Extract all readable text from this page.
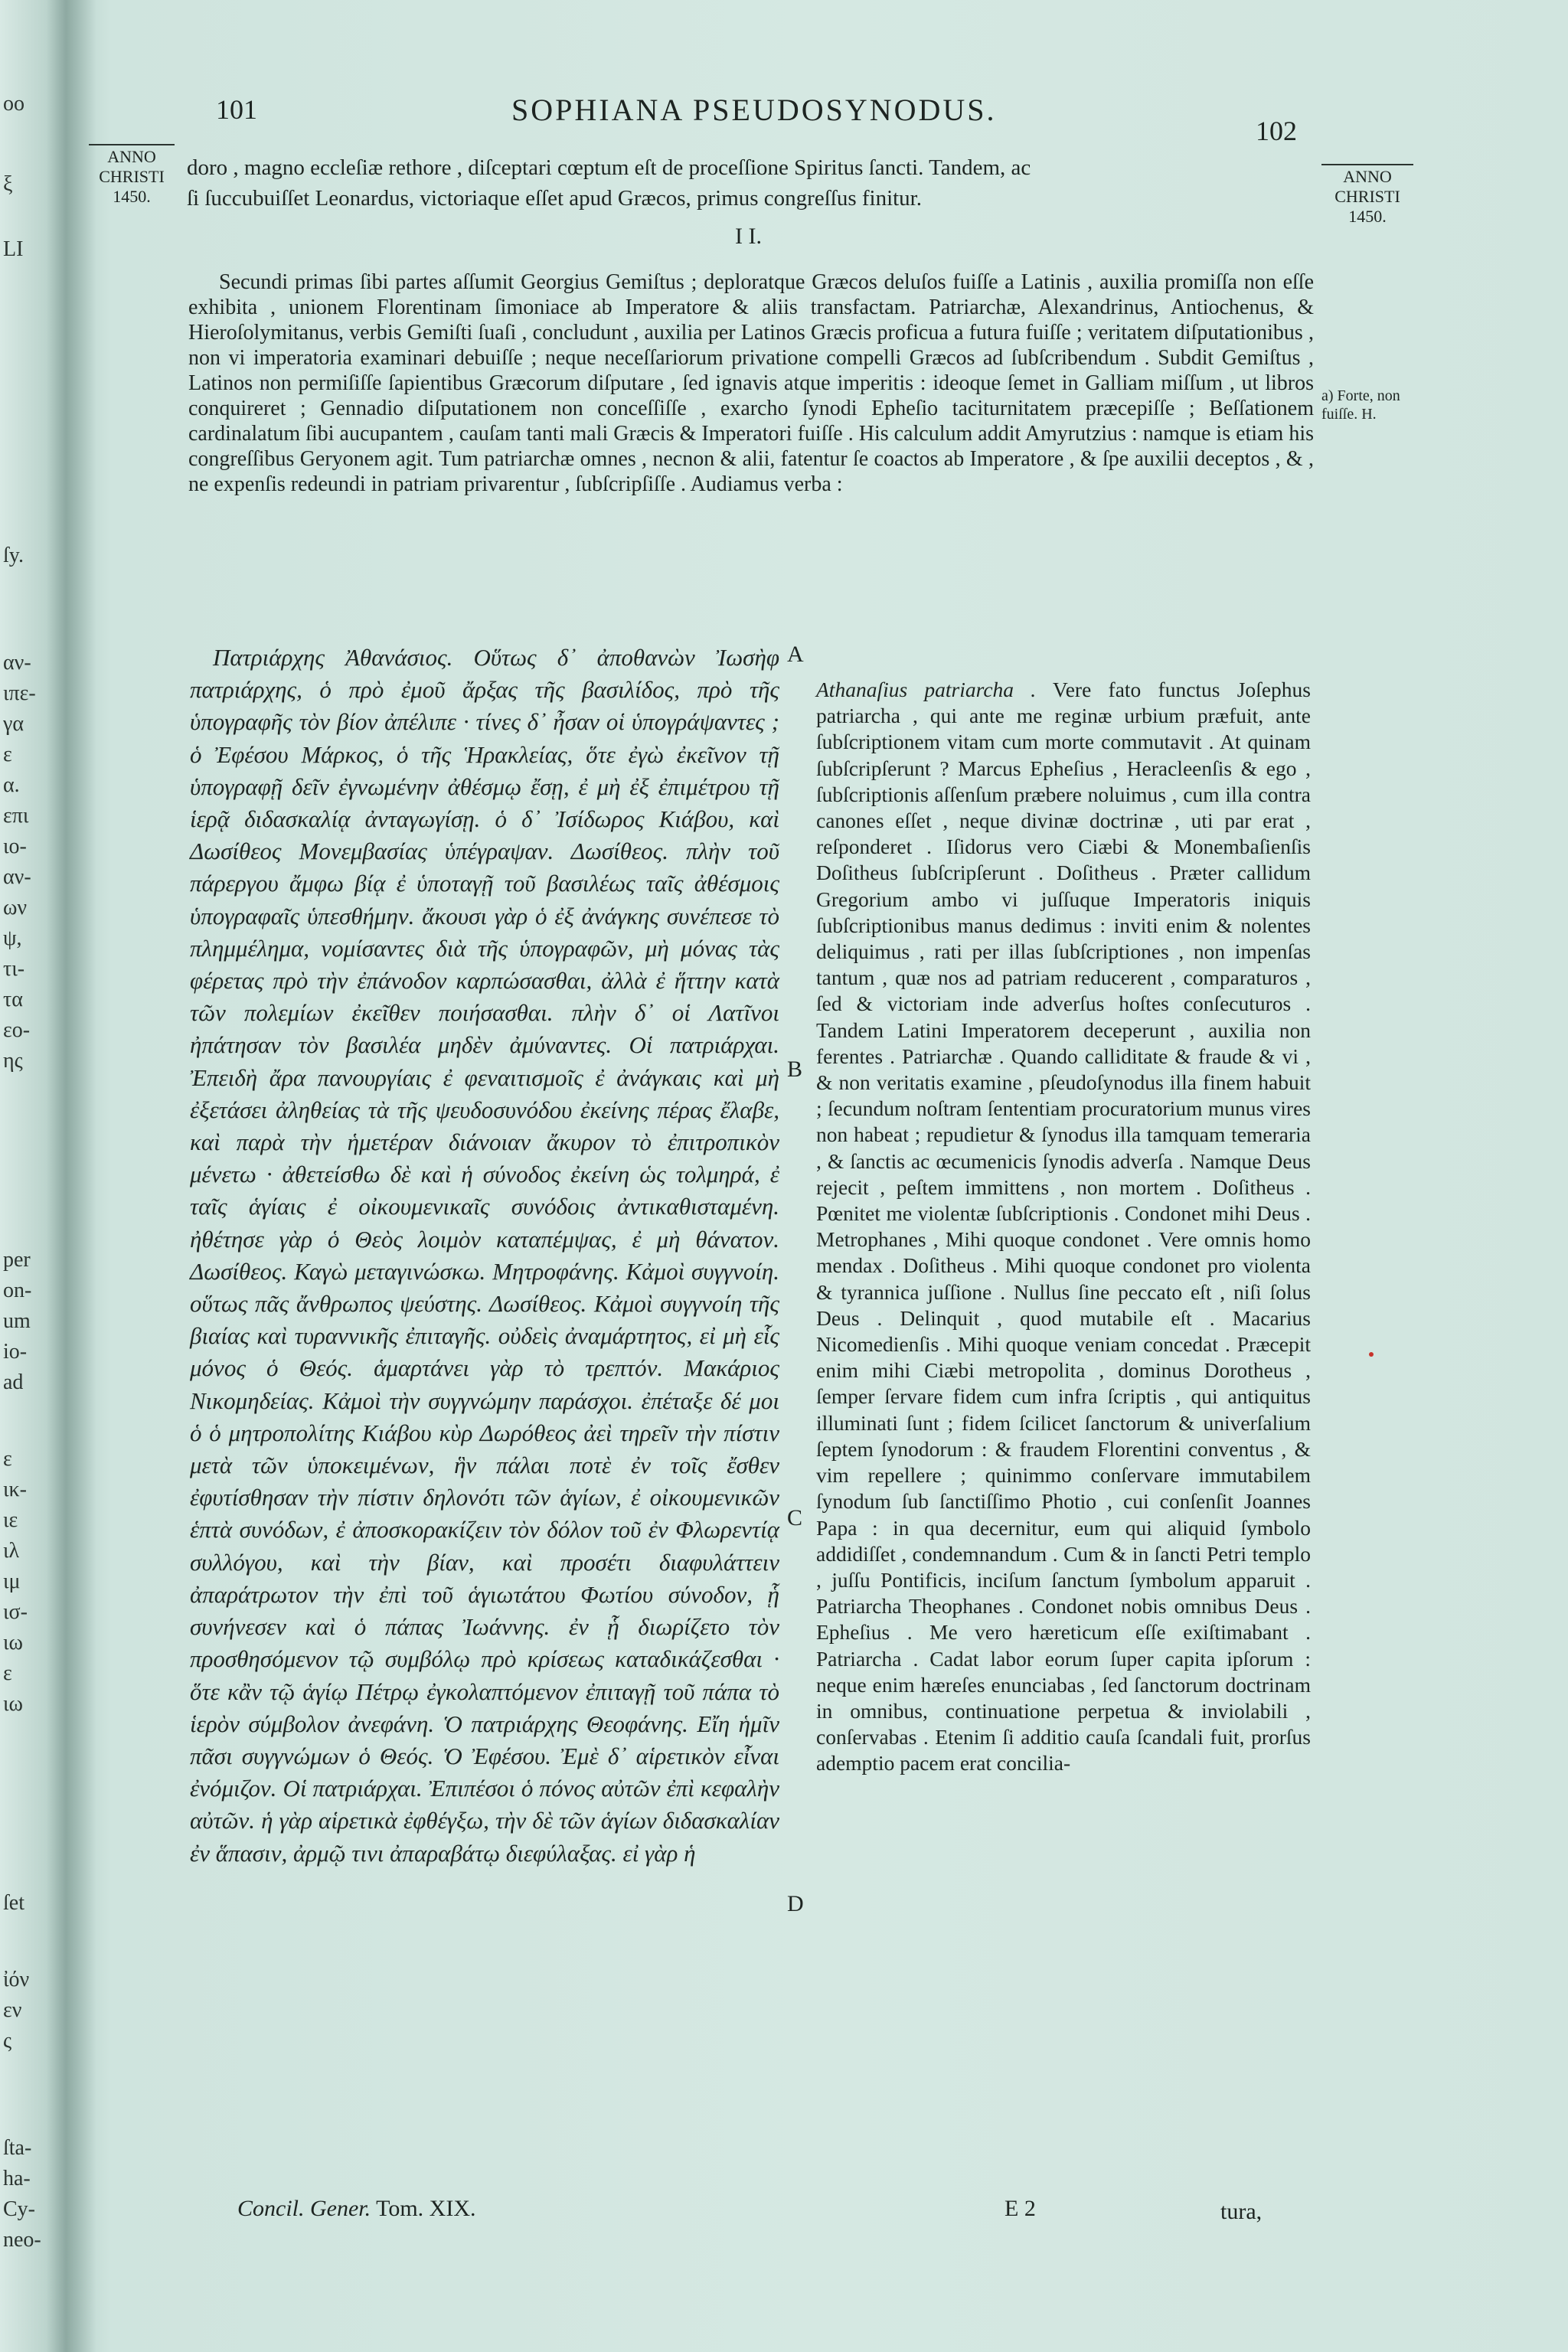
oo
ξ
LI
ſy.
αν-
ιπε-
γα
ε
α.
επι
ιο-
αν-
ων
ψ,
τι-
τα
εο-
ης
per
on-
um
io-
ad
ε
ικ-
ιε
ιλ
ιμ
ισ-
ιω
ε
ιω
ſet
ἰόν
εν
ς
ſta-
ha-
Cy-
neo-
101	SOPHIANA PSEUDOSYNODUS.
102
ANNO
CHRISTI
1450.
ANNO
CHRISTI
1450.
doro , magno eccleſiæ rethore , diſceptari cœptum eſt de proceſſione Spiritus ſancti. Tandem, ac
ſi ſuccubuiſſet Leonardus, victoriaque eſſet apud Græcos, primus congreſſus finitur.
I I.
Secundi primas ſibi partes aſſumit Georgius Gemiſtus ; deploratque Græcos deluſos fuiſſe a Latinis , auxilia promiſſa non eſſe exhibita , unionem Florentinam ſimoniace ab Imperatore & aliis transfactam. Patriarchæ, Alexandrinus, Antiochenus, & Hieroſolymitanus, verbis Gemiſti ſuaſi , concludunt , auxilia per Latinos Græcis proficua a futura fuiſſe ; veritatem diſputationibus , non vi imperatoria examinari debuiſſe ; neque neceſſariorum privatione compelli Græcos ad ſubſcribendum . Subdit Gemiſtus , Latinos non permiſiſſe ſapientibus Græcorum diſputare , ſed ignavis atque imperitis : ideoque ſemet in Galliam miſſum , ut libros conquireret ; Gennadio diſputationem non conceſſiſſe , exarcho ſynodi Epheſio taciturnitatem præcepiſſe ; Beſſationem cardinalatum ſibi aucupantem , cauſam tanti mali Græcis & Imperatori fuiſſe . His calculum addit Amyrutzius : namque is etiam his congreſſibus Geryonem agit. Tum patriarchæ omnes , necnon & alii, fatentur ſe coactos ab Imperatore , & ſpe auxilii deceptos , & , ne expenſis redeundi in patriam privarentur , ſubſcripſiſſe . Audiamus verba :
a) Forte, non
fuiſſe. H.
Πατριάρχης Ἀθανάσιος. Οὕτως δ᾽ ἀποθανὼν Ἰωσὴφ πατριάρχης, ὁ πρὸ ἐμοῦ ἄρξας τῆς βασιλίδος, πρὸ τῆς ὑπογραφῆς τὸν βίον ἀπέλιπε · τίνες δ᾽ ἦσαν οἱ ὑπογράψαντες ; ὁ Ἐφέσου Μάρκος, ὁ τῆς Ἡρακλείας, ὅτε ἐγὼ ἐκεῖνον τῇ ὑπογραφῇ δεῖν ἐγνωμένην ἀθέσμῳ ἔσῃ, ἐ μὴ ἐξ ἐπιμέτρου τῇ ἱερᾷ διδασκαλίᾳ ἀνταγωγίσῃ. ὁ δ᾽ Ἰσίδωρος Κιάβου, καὶ Δωσίθεος Μονεμβασίας ὑπέγραψαν. Δωσίθεος. πλὴν τοῦ πάρεργου ἄμφω βίᾳ ἐ ὑποταγῇ τοῦ βασιλέως ταῖς ἀθέσμοις ὑπογραφαῖς ὑπεσθήμην. ἄκουσι γὰρ ὁ ἐξ ἀνάγκης συνέπεσε τὸ πλημμέλημα, νομίσαντες διὰ τῆς ὑπογραφῶν, μὴ μόνας τὰς φέρετας πρὸ τὴν ἐπάνοδον καρπώσασθαι, ἀλλὰ ἐ ἥττην κατὰ τῶν πολεμίων ἐκεῖθεν ποιήσασθαι. πλὴν δ᾽ οἱ Λατῖνοι ἠπάτησαν τὸν βασιλέα μηδὲν ἀμύναντες. Οἱ πατριάρχαι. Ἐπειδὴ ἄρα πανουργίαις ἐ φεναιτισμοῖς ἐ ἀνάγκαις καὶ μὴ ἐξετάσει ἀληθείας τὰ τῆς ψευδοσυνόδου ἐκείνης πέρας ἔλαβε, καὶ παρὰ τὴν ἡμετέραν διάνοιαν ἄκυρον τὸ ἐπιτροπικὸν μένετω · ἀθετείσθω δὲ καὶ ἡ σύνοδος ἐκείνη ὡς τολμηρά, ἐ ταῖς ἁγίαις ἐ οἰκουμενικαῖς συνόδοις ἀντικαθισταμένη. ἠθέτησε γὰρ ὁ Θεὸς λοιμὸν καταπέμψας, ἐ μὴ θάνατον. Δωσίθεος. Καγὼ μεταγινώσκω. Μητροφάνης. Κἀμοὶ συγγνοίη. οὕτως πᾶς ἄνθρωπος ψεύστης. Δωσίθεος. Κἀμοὶ συγγνοίη τῆς βιαίας καὶ τυραννικῆς ἐπιταγῆς. οὐδεὶς ἀναμάρτητος, εἰ μὴ εἷς μόνος ὁ Θεός. ἁμαρτάνει γὰρ τὸ τρεπτόν. Μακάριος Νικομηδείας. Κἀμοὶ τὴν συγγνώμην παράσχοι. ἐπέταξε δέ μοι ὁ ὁ μητροπολίτης Κιάβου κὺρ Δωρόθεος ἀεὶ τηρεῖν τὴν πίστιν μετὰ τῶν ὑποκειμένων, ἣν πάλαι ποτὲ ἐν τοῖς ἔσθεν ἐφυτίσθησαν τὴν πίστιν δηλονότι τῶν ἁγίων, ἐ οἰκουμενικῶν ἑπτὰ συνόδων, ἐ ἀποσκορακίζειν τὸν δόλον τοῦ ἐν Φλωρεντίᾳ συλλόγου, καὶ τὴν βίαν, καὶ προσέτι διαφυλάττειν ἀπαράτρωτον τὴν ἐπὶ τοῦ ἁγιωτάτου Φωτίου σύνοδον, ᾗ συνήνεσεν καὶ ὁ πάπας Ἰωάννης. ἐν ᾗ διωρίζετο τὸν προσθησόμενον τῷ συμβόλῳ πρὸ κρίσεως καταδικάζεσθαι · ὅτε κἂν τῷ ἁγίῳ Πέτρῳ ἐγκολαπτόμενον ἐπιταγῇ τοῦ πάπα τὸ ἱερὸν σύμβολον ἀνεφάνη. Ὁ πατριάρχης Θεοφάνης. Εἴη ἡμῖν πᾶσι συγγνώμων ὁ Θεός. Ὁ Ἐφέσου. Ἐμὲ δ᾽ αἱρετικὸν εἶναι ἐνόμιζον. Οἱ πατριάρχαι. Ἐπιπέσοι ὁ πόνος αὐτῶν ἐπὶ κεφαλὴν αὐτῶν. ἡ γὰρ αἱρετικὰ ἐφθέγξω, τὴν δὲ τῶν ἁγίων διδασκαλίαν ἐν ἅπασιν, ἀρμῷ τινι ἀπαραβάτῳ διεφύλαξας. εἰ γὰρ ἡ
A
B
C
D
Athanaſius patriarcha . Vere fato functus Joſephus patriarcha , qui ante me reginæ urbium præfuit, ante ſubſcriptionem vitam cum morte commutavit . At quinam ſubſcripſerunt ? Marcus Epheſius , Heracleenſis & ego , ſubſcriptionis aſſenſum præbere noluimus , cum illa contra canones eſſet , neque divinæ doctrinæ , uti par erat , reſponderet . Iſidorus vero Ciæbi & Monembaſienſis Doſitheus ſubſcripſerunt . Doſitheus . Præter callidum Gregorium ambo vi juſſuque Imperatoris iniquis ſubſcriptionibus manus dedimus : inviti enim & nolentes deliquimus , rati per illas ſubſcriptiones , non impenſas tantum , quæ nos ad patriam reducerent , comparaturos , ſed & victoriam inde adverſus hoſtes conſecuturos . Tandem Latini Imperatorem deceperunt , auxilia non ferentes . Patriarchæ . Quando calliditate & fraude & vi , & non veritatis examine , pſeudoſynodus illa finem habuit ; ſecundum noſtram ſententiam procuratorium munus vires non habeat ; repudietur & ſynodus illa tamquam temeraria , & ſanctis ac œcumenicis ſynodis adverſa . Namque Deus rejecit , peſtem immittens , non mortem . Doſitheus . Pœnitet me violentæ ſubſcriptionis . Condonet mihi Deus . Metrophanes , Mihi quoque condonet . Vere omnis homo mendax . Doſitheus . Mihi quoque condonet pro violenta & tyrannica juſſione . Nullus ſine peccato eſt , niſi ſolus Deus . Delinquit , quod mutabile eſt . Macarius Nicomedienſis . Mihi quoque veniam concedat . Præcepit enim mihi Ciæbi metropolita , dominus Dorotheus , ſemper ſervare fidem cum infra ſcriptis , qui antiquitus illuminati ſunt ; fidem ſcilicet ſanctorum & univerſalium ſeptem ſynodorum : & fraudem Florentini conventus , & vim repellere ; quinimmo conſervare immutabilem ſynodum ſub ſanctiſſimo Photio , cui conſenſit Joannes Papa : in qua decernitur, eum qui aliquid ſymbolo addidiſſet , condemnandum . Cum & in ſancti Petri templo , juſſu Pontificis, inciſum ſanctum ſymbolum apparuit . Patriarcha Theophanes . Condonet nobis omnibus Deus . Epheſius . Me vero hæreticum eſſe exiſtimabant . Patriarcha . Cadat labor eorum ſuper capita ipſorum : neque enim hæreſes enunciabas , ſed ſanctorum doctrinam in omnibus, continuatione perpetua & inviolabili , conſervabas . Etenim ſi additio cauſa ſcandali fuit, prorſus ademptio pacem erat concilia-
Concil. Gener. Tom. XIX.	E 2	tura,
